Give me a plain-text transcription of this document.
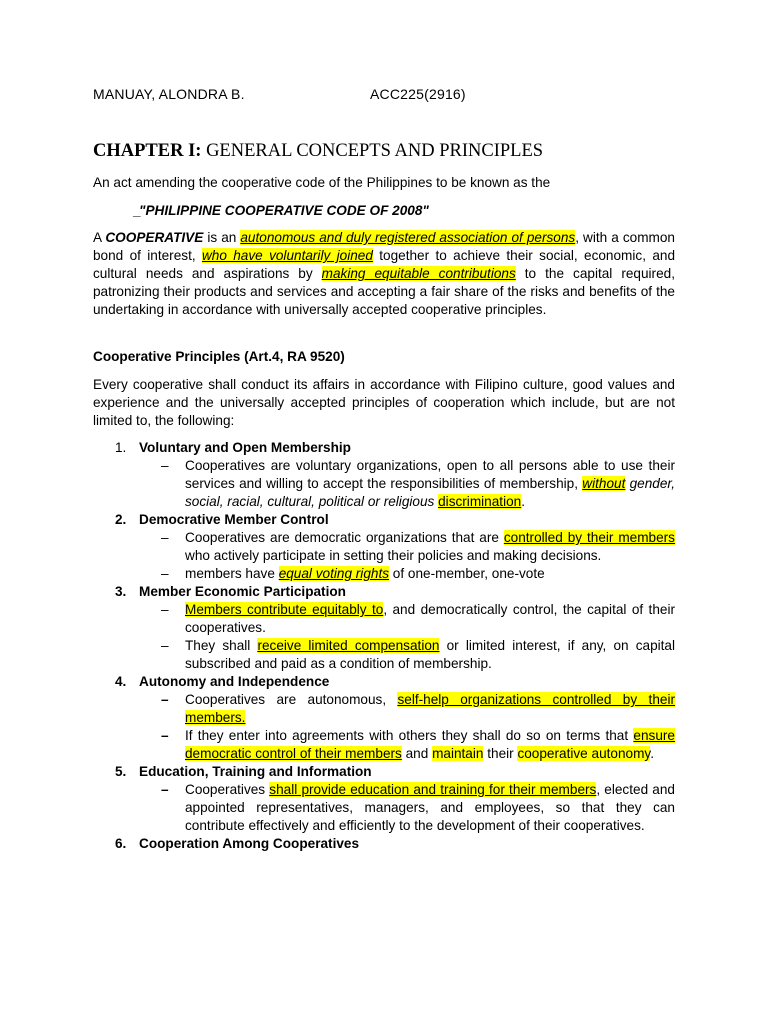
MANUAY, ALONDRA B.	ACC225(2916)
CHAPTER I: GENERAL CONCEPTS AND PRINCIPLES
An act amending the cooperative code of the Philippines to be known as the
_
"PHILIPPINE COOPERATIVE CODE OF 2008"

A COOPERATIVE is an autonomous and duly registered association of persons, with a common bond of interest, who have voluntarily joined together to achieve their social, economic, and cultural needs and aspirations by making equitable contributions to the capital required, patronizing their products and services and accepting a fair share of the risks and benefits of the undertaking in accordance with universally accepted cooperative principles.

Cooperative Principles (Art.4, RA 9520)

Every cooperative shall conduct its affairs in accordance with Filipino culture, good values and experience and the universally accepted principles of cooperation which include, but are not limited to, the following:

1. Voluntary and Open Membership
– Cooperatives are voluntary organizations, open to all persons able to use their services and willing to accept the responsibilities of membership, without gender, social, racial, cultural, political or religious discrimination.
2. Democrative Member Control
– Cooperatives are democratic organizations that are controlled by their members who actively participate in setting their policies and making decisions.
– members have equal voting rights of one-member, one-vote
3. Member Economic Participation
– Members contribute equitably to, and democratically control, the capital of their cooperatives.
– They shall receive limited compensation or limited interest, if any, on capital subscribed and paid as a condition of membership.
4. Autonomy and Independence
– Cooperatives are autonomous, self-help organizations controlled by their members.
– If they enter into agreements with others they shall do so on terms that ensure democratic control of their members and maintain their cooperative autonomy.
5. Education, Training and Information
– Cooperatives shall provide education and training for their members, elected and appointed representatives, managers, and employees, so that they can contribute effectively and efficiently to the development of their cooperatives.
6. Cooperation Among Cooperatives
